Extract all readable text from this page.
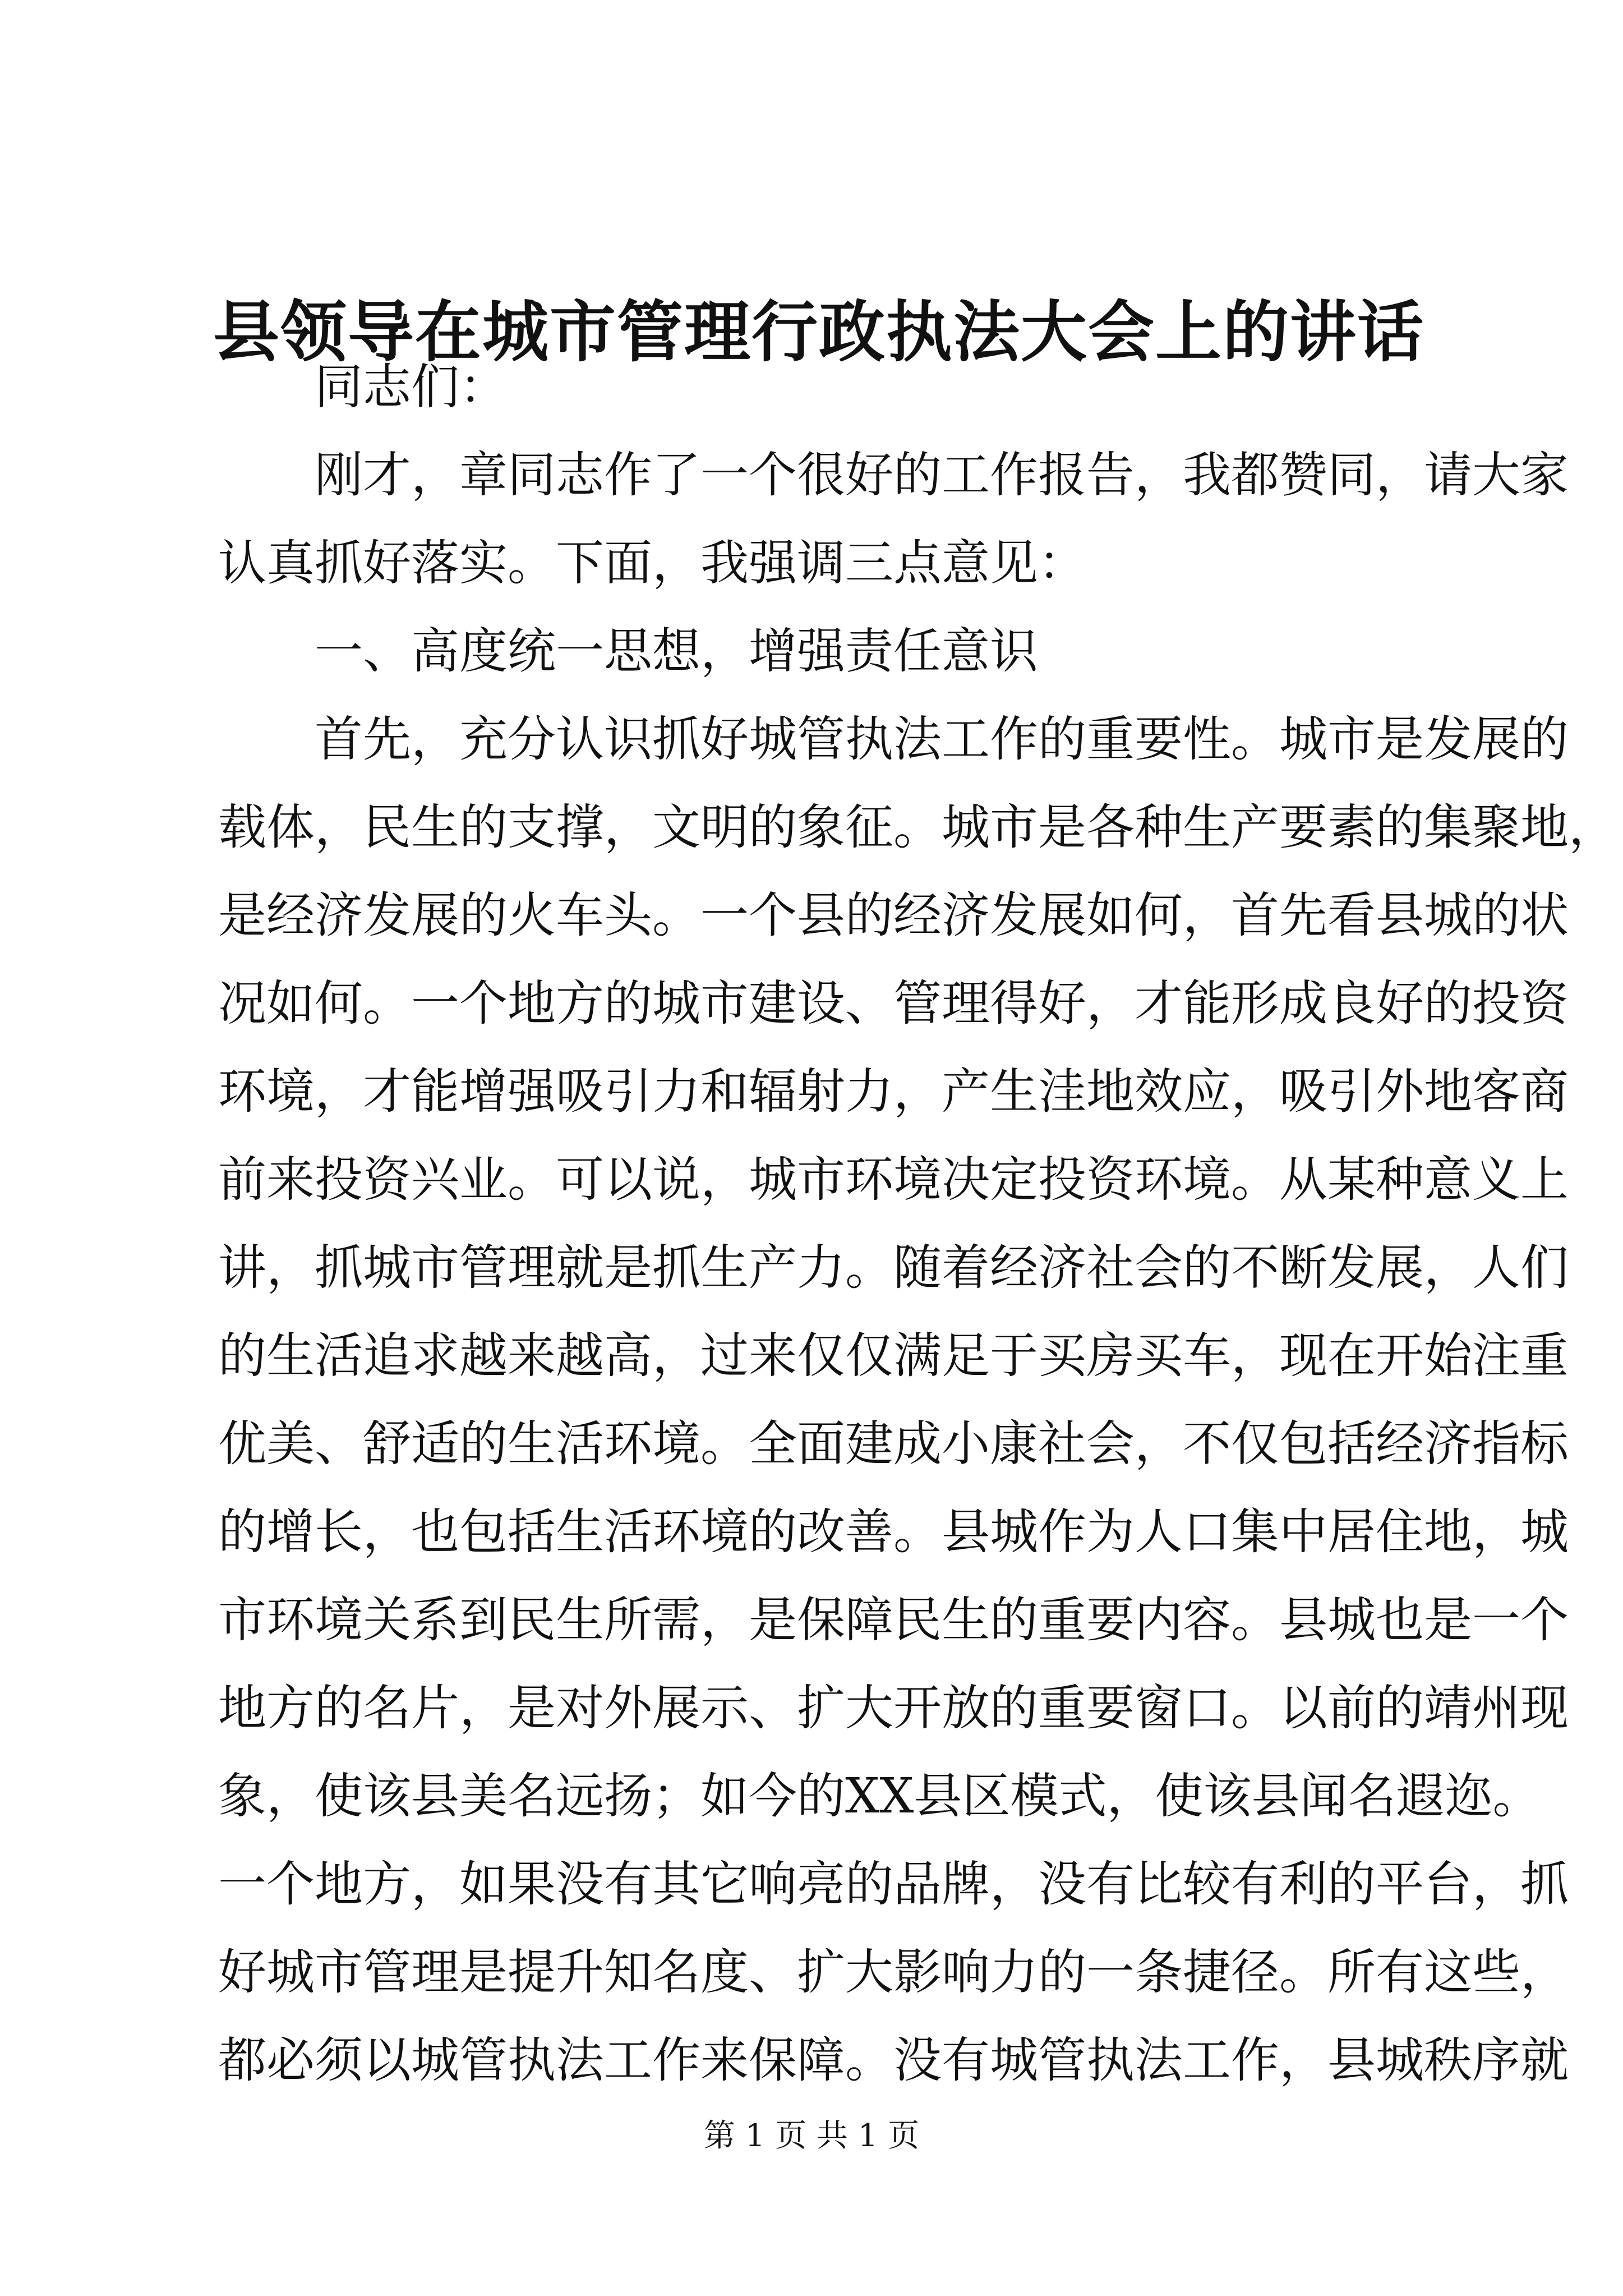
县领导在城市管理行政执法大会上的讲话
同志们：
刚才，章同志作了一个很好的工作报告，我都赞同，请大家
认真抓好落实。下面，我强调三点意见：
一、高度统一思想，增强责任意识
首先，充分认识抓好城管执法工作的重要性。城市是发展的
载体，民生的支撑，文明的象征。城市是各种生产要素的集聚地，
是经济发展的火车头。一个县的经济发展如何，首先看县城的状
况如何。一个地方的城市建设、管理得好，才能形成良好的投资
环境，才能增强吸引力和辐射力，产生洼地效应，吸引外地客商
前来投资兴业。可以说，城市环境决定投资环境。从某种意义上
讲，抓城市管理就是抓生产力。随着经济社会的不断发展，人们
的生活追求越来越高，过来仅仅满足于买房买车，现在开始注重
优美、舒适的生活环境。全面建成小康社会，不仅包括经济指标
的增长，也包括生活环境的改善。县城作为人口集中居住地，城
市环境关系到民生所需，是保障民生的重要内容。县城也是一个
地方的名片，是对外展示、扩大开放的重要窗口。以前的靖州现
象，使该县美名远扬；如今的XX县区模式，使该县闻名遐迩。
一个地方，如果没有其它响亮的品牌，没有比较有利的平台，抓
好城市管理是提升知名度、扩大影响力的一条捷径。所有这些，
都必须以城管执法工作来保障。没有城管执法工作，县城秩序就
第 1 页 共 1 页
